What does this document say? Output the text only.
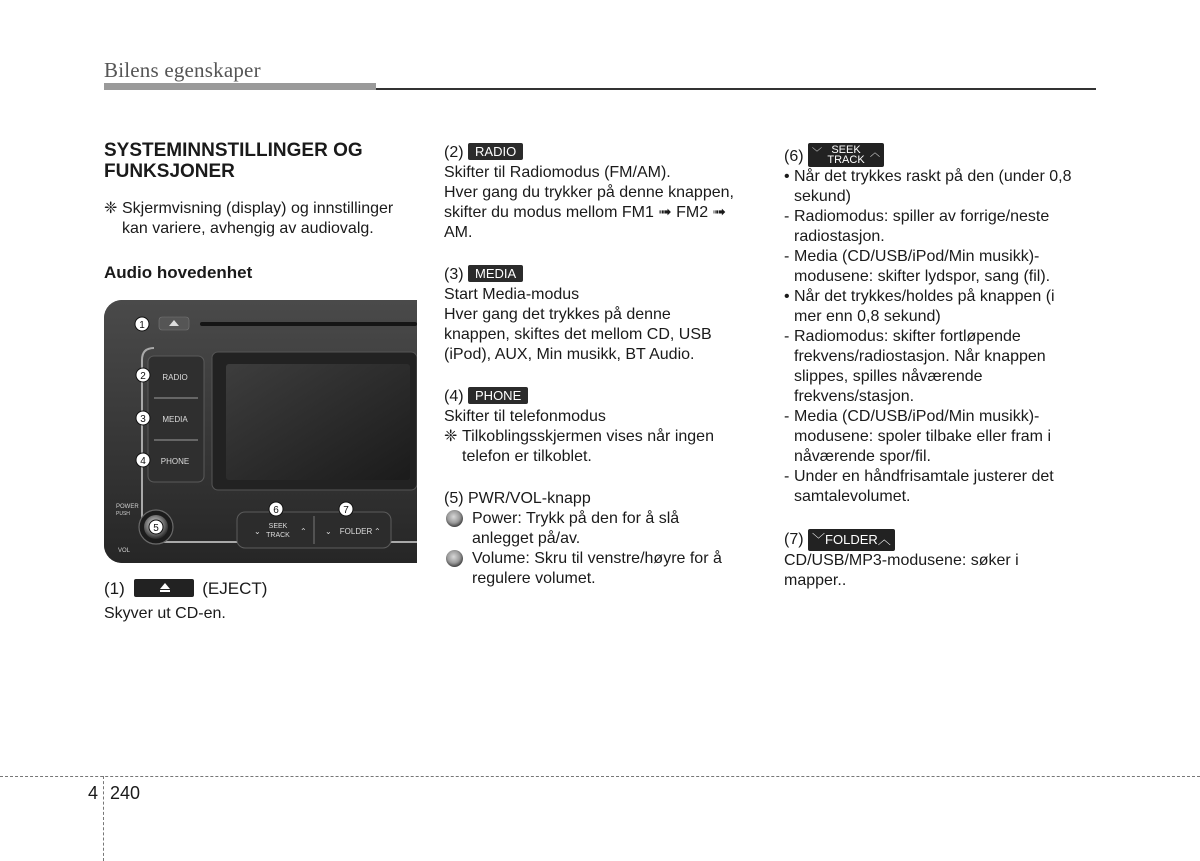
Bilens egenskaper
SYSTEMINNSTILLINGER OG
FUNKSJONER
❈ Skjermvisning (display) og innstillinger
kan variere, avhengig av audiovalg.
Audio hovedenhet
RADIO
MEDIA
PHONE
POWER
PUSH
VOL
SEEK
TRACK
⌄	⌃	FOLDER
⌄	⌃
1
2
3
4
5
6	7
(1)	(EJECT)
Skyver ut CD-en.
(2) RADIO
Skifter til Radiomodus (FM/AM).
Hver gang du trykker på denne knappen,
skifter du modus mellom FM1 ➟ FM2 ➟
AM.
(3) MEDIA
Start Media-modus
Hver gang det trykkes på denne
knappen, skiftes det mellom CD, USB
(iPod), AUX, Min musikk, BT Audio.
(4) PHONE
Skifter til telefonmodus
❈ Tilkoblingsskjermen vises når ingen
telefon er tilkoblet.
(5) PWR/VOL-knapp
Power: Trykk på den for å slå
anlegget på/av.
Volume: Skru til venstre/høyre for å
regulere volumet.
(6) ﹀ SEEK
TRACK
︿
• Når det trykkes raskt på den (under 0,8
sekund)
- Radiomodus: spiller av forrige/neste
radiostasjon.
- Media (CD/USB/iPod/Min musikk)-
modusene: skifter lydspor, sang (fil).
• Når det trykkes/holdes på knappen (i
mer enn 0,8 sekund)
- Radiomodus: skifter fortløpende
frekvens/radiostasjon. Når knappen
slippes, spilles nåværende
frekvens/stasjon.
- Media (CD/USB/iPod/Min musikk)-
modusene: spoler tilbake eller fram i
nåværende spor/fil.
- Under en håndfrisamtale justerer det
samtalevolumet.
(7) ﹀FOLDER︿
CD/USB/MP3-modusene: søker i
mapper..
4 240
